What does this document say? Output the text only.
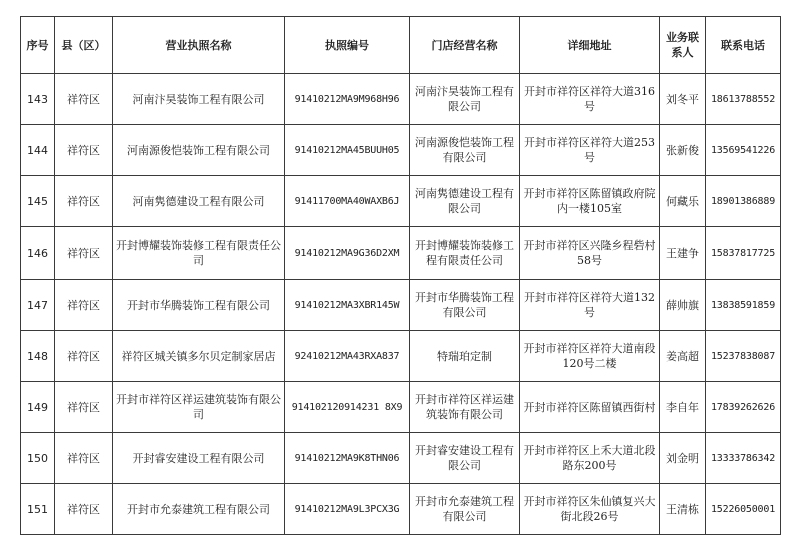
序号	县（区）	营业执照名称	执照编号	门店经营名称	详细地址	业务联系人	联系电话
143	祥符区	河南汴昊装饰工程有限公司	91410212MA9M968H96	河南汴昊装饰工程有限公司	开封市祥符区祥符大道316号	刘冬平	18613788552
144	祥符区	河南源俊恺装饰工程有限公司	91410212MA45BUUH05	河南源俊恺装饰工程有限公司	开封市祥符区祥符大道253号	张新俊	13569541226
145	祥符区	河南隽德建设工程有限公司	91411700MA40WAXB6J	河南隽德建设工程有限公司	开封市祥符区陈留镇政府院内一楼105室	何藏乐	18901386889
146	祥符区	开封博耀装饰装修工程有限责任公司	91410212MA9G36D2XM	开封博耀装饰装修工程有限责任公司	开封市祥符区兴隆乡程砦村58号	王建争	15837817725
147	祥符区	开封市华腾装饰工程有限公司	91410212MA3XBR145W	开封市华腾装饰工程有限公司	开封市祥符区祥符大道132号	薛帅旗	13838591859
148	祥符区	祥符区城关镇多尔贝定制家居店	92410212MA43RXA837	特瑞珀定制	开封市祥符区祥符大道南段120号二楼	姜高超	15237838087
149	祥符区	开封市祥符区祥运建筑装饰有限公司	914102120914231 8X9	开封市祥符区祥运建筑装饰有限公司	开封市祥符区陈留镇西街村	李自年	17839262626
150	祥符区	开封睿安建设工程有限公司	91410212MA9K8THN06	开封睿安建设工程有限公司	开封市祥符区上禾大道北段路东200号	刘金明	13333786342
151	祥符区	开封市允泰建筑工程有限公司	91410212MA9L3PCX3G	开封市允泰建筑工程有限公司	开封市祥符区朱仙镇复兴大街北段26号	王清栋	15226050001
